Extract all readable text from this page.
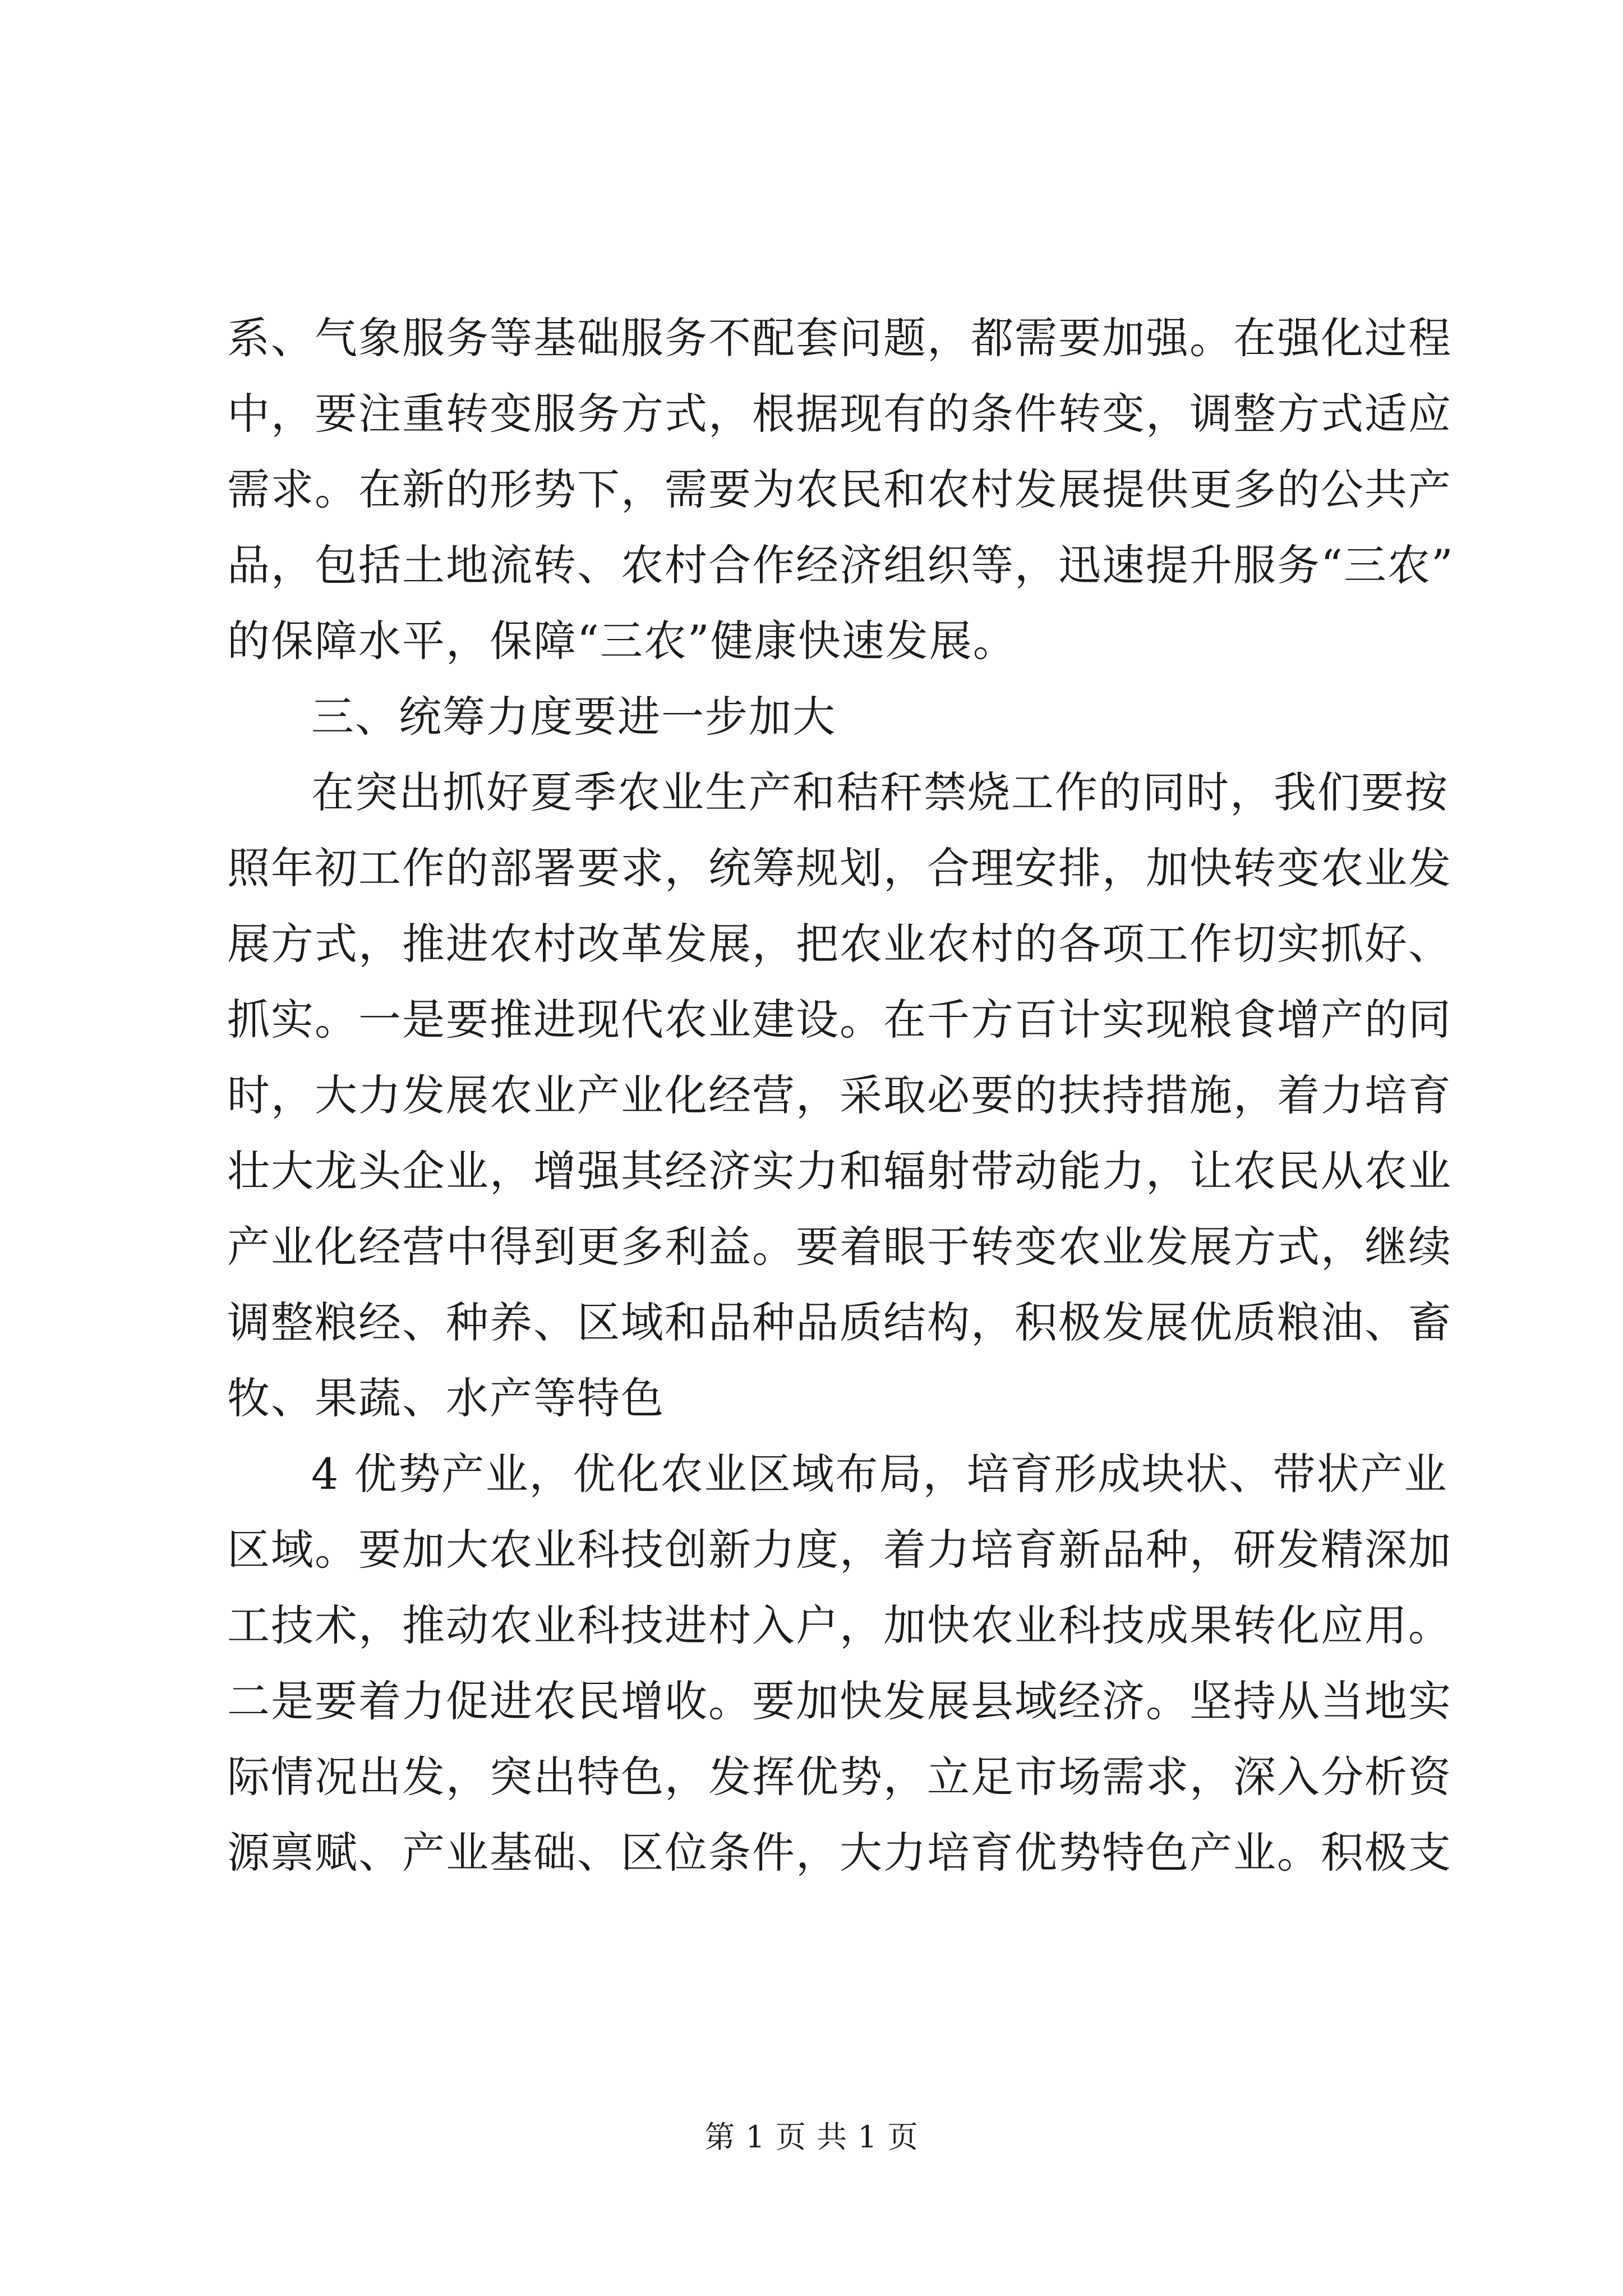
系、气象服务等基础服务不配套问题，都需要加强。在强化过程
中，要注重转变服务方式，根据现有的条件转变，调整方式适应
需求。在新的形势下，需要为农民和农村发展提供更多的公共产
品，包括土地流转、农村合作经济组织等，迅速提升服务“三农”
的保障水平，保障“三农”健康快速发展。
三、统筹力度要进一步加大
在突出抓好夏季农业生产和秸秆禁烧工作的同时，我们要按
照年初工作的部署要求，统筹规划，合理安排，加快转变农业发
展方式，推进农村改革发展，把农业农村的各项工作切实抓好、
抓实。一是要推进现代农业建设。在千方百计实现粮食增产的同
时，大力发展农业产业化经营，采取必要的扶持措施，着力培育
壮大龙头企业，增强其经济实力和辐射带动能力，让农民从农业
产业化经营中得到更多利益。要着眼于转变农业发展方式，继续
调整粮经、种养、区域和品种品质结构，积极发展优质粮油、畜
牧、果蔬、水产等特色
4 优势产业，优化农业区域布局，培育形成块状、带状产业
区域。要加大农业科技创新力度，着力培育新品种，研发精深加
工技术，推动农业科技进村入户，加快农业科技成果转化应用。
二是要着力促进农民增收。要加快发展县域经济。坚持从当地实
际情况出发，突出特色，发挥优势，立足市场需求，深入分析资
源禀赋、产业基础、区位条件，大力培育优势特色产业。积极支
第 1 页 共 1 页
